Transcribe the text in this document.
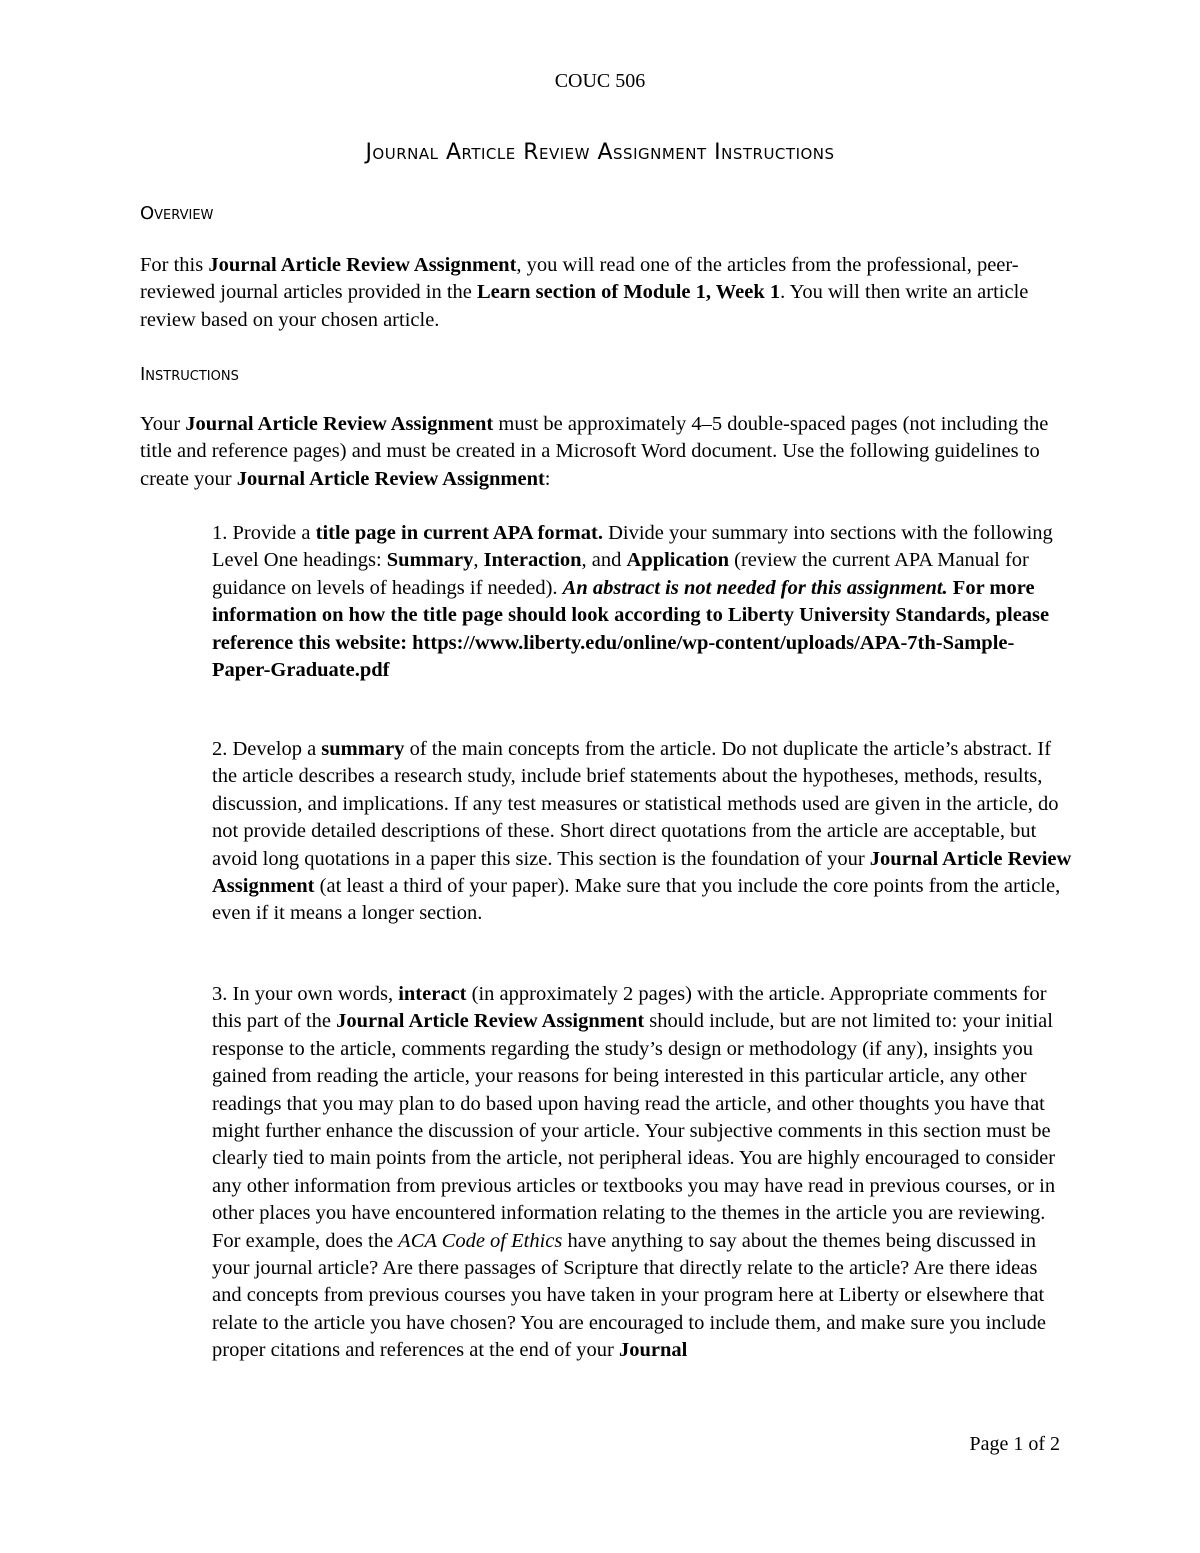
COUC 506
Journal Article Review Assignment Instructions
Overview

For this Journal Article Review Assignment, you will read one of the articles from the professional, peer-reviewed journal articles provided in the Learn section of Module 1, Week 1. You will then write an article review based on your chosen article.

Instructions

Your Journal Article Review Assignment must be approximately 4–5 double-spaced pages (not including the title and reference pages) and must be created in a Microsoft Word document. Use the following guidelines to create your Journal Article Review Assignment:

1. Provide a title page in current APA format. Divide your summary into sections with the following Level One headings: Summary, Interaction, and Application (review the current APA Manual for guidance on levels of headings if needed). An abstract is not needed for this assignment. For more information on how the title page should look according to Liberty University Standards, please reference this website: https://www.liberty.edu/online/wp-content/uploads/APA-7th-Sample-Paper-Graduate.pdf

2. Develop a summary of the main concepts from the article. Do not duplicate the article’s abstract. If the article describes a research study, include brief statements about the hypotheses, methods, results, discussion, and implications. If any test measures or statistical methods used are given in the article, do not provide detailed descriptions of these. Short direct quotations from the article are acceptable, but avoid long quotations in a paper this size. This section is the foundation of your Journal Article Review Assignment (at least a third of your paper). Make sure that you include the core points from the article, even if it means a longer section.

3. In your own words, interact (in approximately 2 pages) with the article. Appropriate comments for this part of the Journal Article Review Assignment should include, but are not limited to: your initial response to the article, comments regarding the study’s design or methodology (if any), insights you gained from reading the article, your reasons for being interested in this particular article, any other readings that you may plan to do based upon having read the article, and other thoughts you have that might further enhance the discussion of your article. Your subjective comments in this section must be clearly tied to main points from the article, not peripheral ideas. You are highly encouraged to consider any other information from previous articles or textbooks you may have read in previous courses, or in other places you have encountered information relating to the themes in the article you are reviewing. For example, does the ACA Code of Ethics have anything to say about the themes being discussed in your journal article? Are there passages of Scripture that directly relate to the article? Are there ideas and concepts from previous courses you have taken in your program here at Liberty or elsewhere that relate to the article you have chosen? You are encouraged to include them, and make sure you include proper citations and references at the end of your Journal

Page 1 of 2
